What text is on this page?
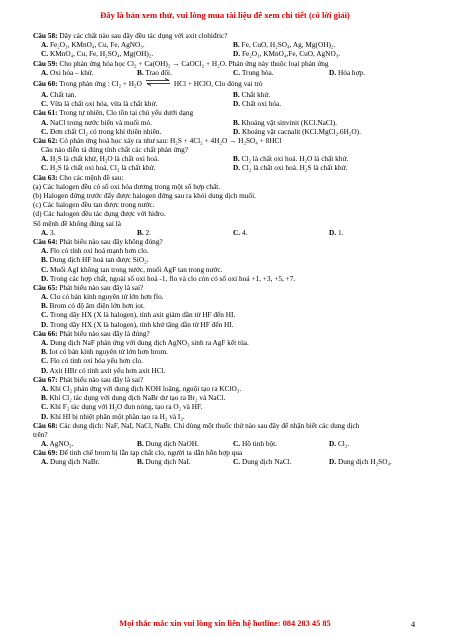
Đây là bản xem thử, vui lòng mua tài liệu để xem chi tiết (có lời giải)
Câu 58: Dãy các chất nào sau đây đều tác dụng với axit clohiđric?
A. Fe₂O₃, KMnO₄, Cu, Fe, AgNO₃.	B. Fe, CuO, H₂SO₄, Ag, Mg(OH)₂.
C. KMnO₄, Cu, Fe, H₂SO₄, Mg(OH)₂.	D. Fe₂O₃, KMnO₄,Fe, CuO, AgNO₃.
Câu 59: Cho phản ứng hóa học Cl₂ + Ca(OH)₂ → CaOCl₂ + H₂O. Phản ứng này thuộc loại phản ứng
A. Oxi hóa – khử.	B. Trao đổi.	C. Trung hòa.	D. Hóa hợp.
Câu 60: Trong phản ứng : Cl₂ + H₂O ⇌ HCl + HClO, Clo đóng vai trò
A. Chất tan.	B. Chất khử.
C. Vừa là chất oxi hóa, vừa là chất khử.	D. Chất oxi hóa.
Câu 61: Trong tự nhiên, Clo tồn tại chủ yếu dưới dạng
A. NaCl trong nước biển và muối mỏ.	B. Khoáng vật sinvinit (KCl.NaCl).
C. Đơn chất Cl₂ có trong khí thiên nhiên.	D. Khoáng vật cacnalit (KCl.MgCl₂.6H₂O).
Câu 62: Có phản ứng hoá học xảy ra như sau: H₂S + 4Cl₂ + 4H₂O → H₂SO₄ + 8HCl
Câu nào diễn tả đúng tính chất các chất phản ứng?
A. H₂S là chất khử, H₂O là chất oxi hoá.	B. Cl₂ là chất oxi hoá. H₂O là chất khử.
C. H₂S là chất oxi hoá, Cl₂ là chất khử.	D. Cl₂ là chất oxi hoá. H₂S là chất khử.
Câu 63: Cho các mệnh đề sau:
(a) Các halogen đều có số oxi hóa dương trong một số hợp chất.
(b) Halogen đứng trước đẩy được halogen đứng sau ra khỏi dung dịch muối.
(c) Các halogen đều tan được trong nước.
(d) Các halogen đều tác dụng được với hiđro.
Số mệnh đề không đúng sai là
A. 3.	B. 2.	C. 4.	D. 1.
Câu 64: Phát biểu nào sau đây không đúng?
A. Flo có tính oxi hoá mạnh hơn clo.
B. Dung dịch HF hoà tan được SiO₂.
C. Muối AgI không tan trong nước, muối AgF tan trong nước.
D. Trong các hợp chất, ngoài số oxi hoá -1, flo và clo còn có số oxi hoá +1, +3, +5, +7.
Câu 65: Phát biểu nào sau đây là sai?
A. Clo có bán kính nguyên tử lớn hơn flo.
B. Brom có độ âm điện lớn hơn iot.
C. Trong dãy HX (X là halogen), tính axit giảm dần từ HF đến HI.
D. Trong dãy HX (X là halogen), tính khử tăng dần từ HF đến HI.
Câu 66: Phát biểu nào sau đây là đúng?
A. Dung dịch NaF phản ứng với dung dịch AgNO₃ sinh ra AgF kết tủa.
B. Iot có bán kính nguyên tử lớn hơn brom.
C. Flo có tính oxi hóa yếu hơn clo.
D. Axit HBr có tính axit yếu hơn axit HCl.
Câu 67: Phát biểu nào sau đây là sai?
A. Khí Cl₂ phản ứng với dung dịch KOH loãng, nguội tạo ra KClO₃.
B. Khí Cl₂ tác dụng với dung dịch NaBr dư tạo ra Br₂ và NaCl.
C. Khí F₂ tác dụng với H₂O đun nóng, tạo ra O₂ và HF.
D. Khí HI bị nhiệt phân một phần tạo ra H₂ và I₂.
Câu 68: Các dung dịch: NaF, NaI, NaCl, NaBr. Chỉ dùng một thuốc thử nào sau đây để nhận biết các dung dịch
trên?
A. AgNO₃.	B. Dung dịch NaOH.	C. Hồ tinh bột.	D. Cl₂.
Câu 69: Để tinh chế brom bị lẫn tạp chất clo, người ta dẫn hỗn hợp qua
A. Dung dịch NaBr.	B. Dung dịch NaI.	C. Dung dịch NaCl.	D. Dung dịch H₂SO₄.
Mọi thắc mắc xin vui lòng xin liên hệ hotline: 084 283 45 85	4
